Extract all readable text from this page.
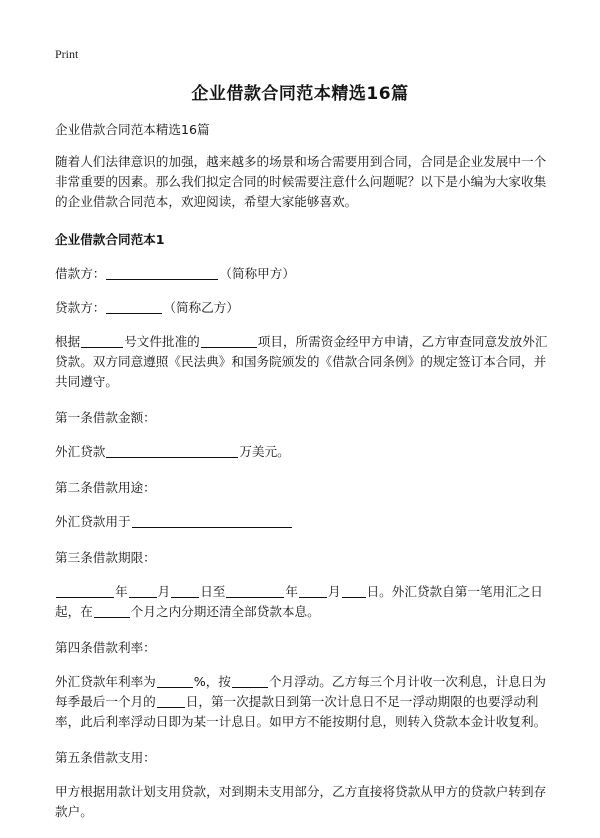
Print
企业借款合同范本精选16篇

企业借款合同范本精选16篇

随着人们法律意识的加强，越来越多的场景和场合需要用到合同，合同是企业发展中一个非常重要的因素。那么我们拟定合同的时候需要注意什么问题呢？以下是小编为大家收集的企业借款合同范本，欢迎阅读，希望大家能够喜欢。

企业借款合同范本1

借款方：	（简称甲方）

贷款方：	（简称乙方）

根据	号文件批准的	项目，所需资金经甲方申请，乙方审查同意发放外汇贷款。双方同意遵照《民法典》和国务院颁发的《借款合同条例》的规定签订本合同，并共同遵守。

第一条借款金额：

外汇贷款	万美元。

第二条借款用途：

外汇贷款用于

第三条借款期限：

年 月 日至	年 月 日。外汇贷款自第一笔用汇之日起，在	个月之内分期还清全部贷款本息。

第四条借款利率：

外汇贷款年利率为	%，按	个月浮动。乙方每三个月计收一次利息，计息日为每季最后一个月的 日，第一次提款日到第一次计息日不足一浮动期限的也要浮动利率，此后利率浮动日即为某一计息日。如甲方不能按期付息，则转入贷款本金计收复利。

第五条借款支用：

甲方根据用款计划支用贷款，对到期未支用部分，乙方直接将贷款从甲方的贷款户转到存款户。
